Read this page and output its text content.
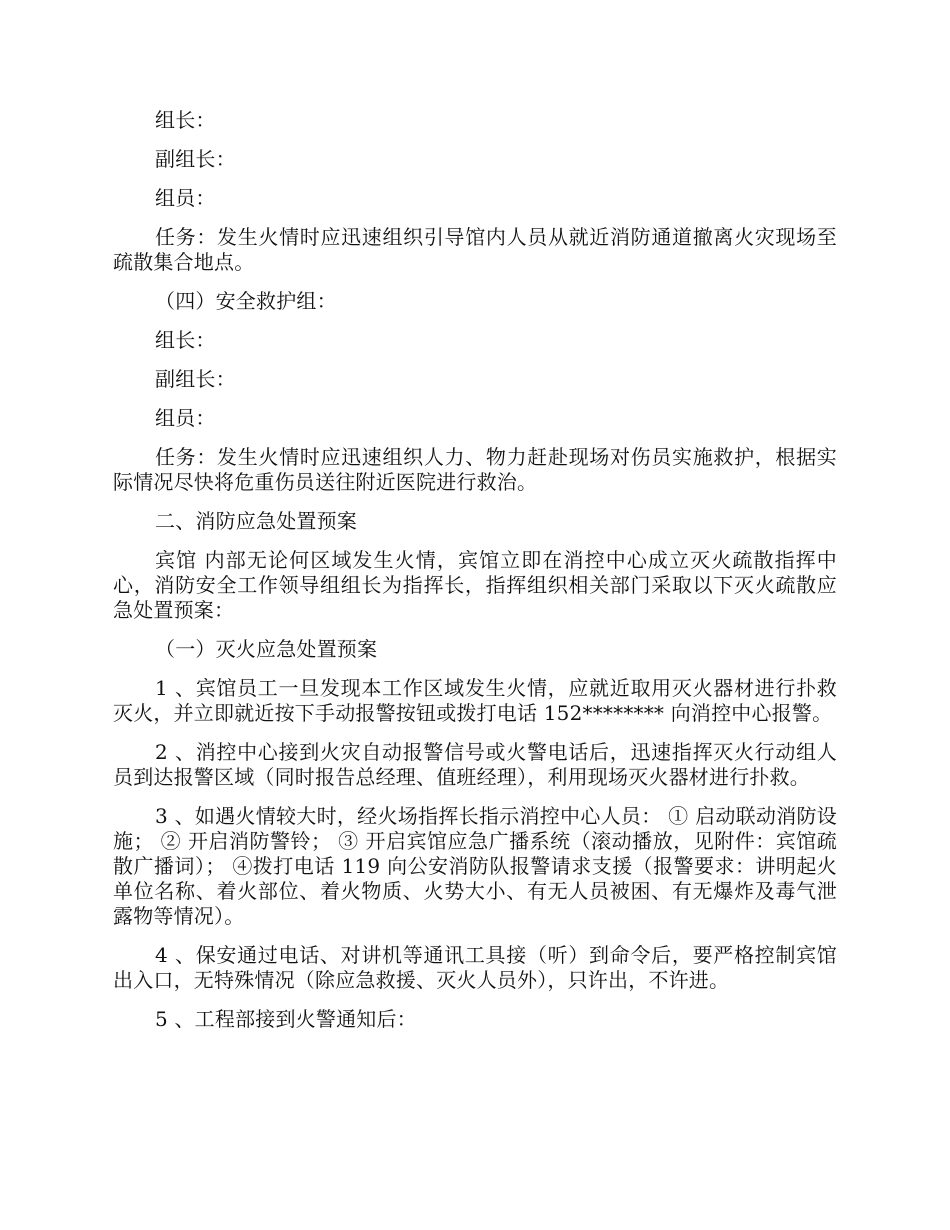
组长：

副组长：

组员：

任务：发生火情时应迅速组织引导馆内人员从就近消防通道撤离火灾现场至疏散集合地点。

（四）安全救护组：

组长：

副组长：

组员：

任务：发生火情时应迅速组织人力、物力赶赴现场对伤员实施救护，根据实际情况尽快将危重伤员送往附近医院进行救治。

二、消防应急处置预案

宾馆 内部无论何区域发生火情，宾馆立即在消控中心成立灭火疏散指挥中心，消防安全工作领导组组长为指挥长，指挥组织相关部门采取以下灭火疏散应急处置预案：

（一）灭火应急处置预案

1 、宾馆员工一旦发现本工作区域发生火情，应就近取用灭火器材进行扑救灭火，并立即就近按下手动报警按钮或拨打电话 152******** 向消控中心报警。

2 、消控中心接到火灾自动报警信号或火警电话后，迅速指挥灭火行动组人员到达报警区域（同时报告总经理、值班经理），利用现场灭火器材进行扑救。

3 、如遇火情较大时，经火场指挥长指示消控中心人员： ① 启动联动消防设施； ② 开启消防警铃； ③ 开启宾馆应急广播系统（滚动播放，见附件：宾馆疏散广播词）； ④拨打电话 119 向公安消防队报警请求支援（报警要求：讲明起火单位名称、着火部位、着火物质、火势大小、有无人员被困、有无爆炸及毒气泄露物等情况）。

4 、保安通过电话、对讲机等通讯工具接（听）到命令后，要严格控制宾馆出入口，无特殊情况（除应急救援、灭火人员外），只许出，不许进。

5 、工程部接到火警通知后：
